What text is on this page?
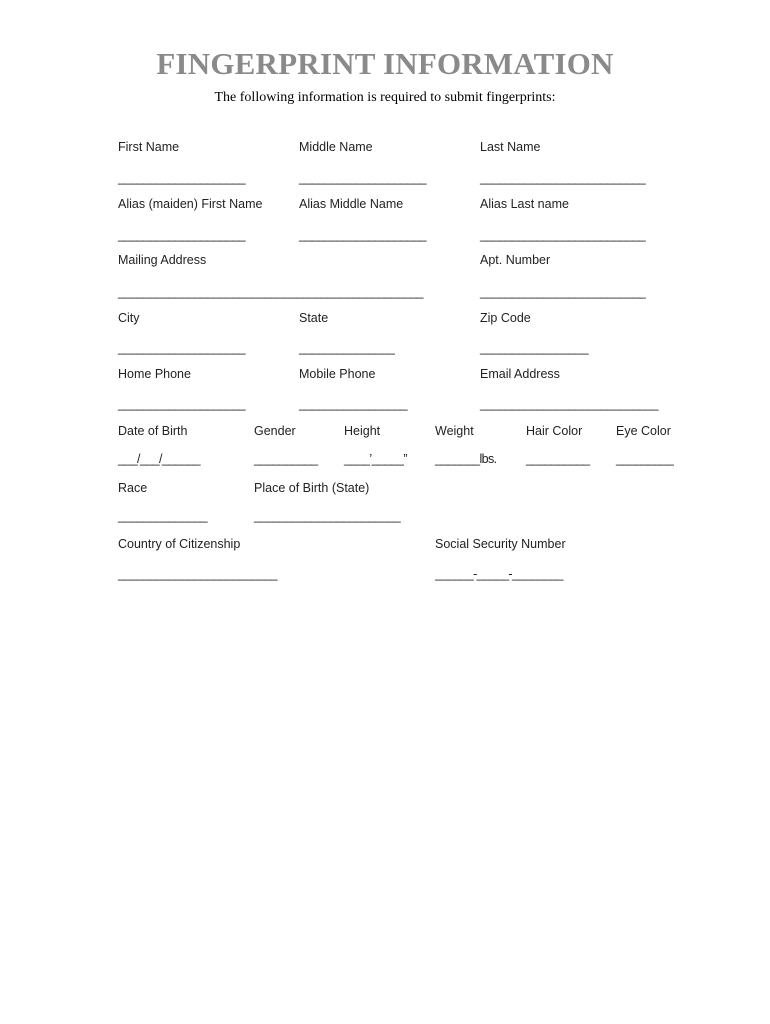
FINGERPRINT INFORMATION
The following information is required to submit fingerprints:
First Name
____________________
Middle Name
____________________
Last Name
__________________________
Alias (maiden) First Name
____________________
Alias Middle Name
____________________
Alias Last name
__________________________
Mailing Address
________________________________________________
Apt. Number
__________________________
City
____________________
State
_______________
Zip Code
_________________
Home Phone
____________________
Mobile Phone
_________________
Email Address
____________________________
Date of Birth
___/___/______
Gender
__________
Height
____’_____”
Weight
_______lbs.
Hair Color
__________
Eye Color
_________
Race
______________
Place of Birth (State)
_______________________
Country of Citizenship
_________________________
Social Security Number
______-_____-________
